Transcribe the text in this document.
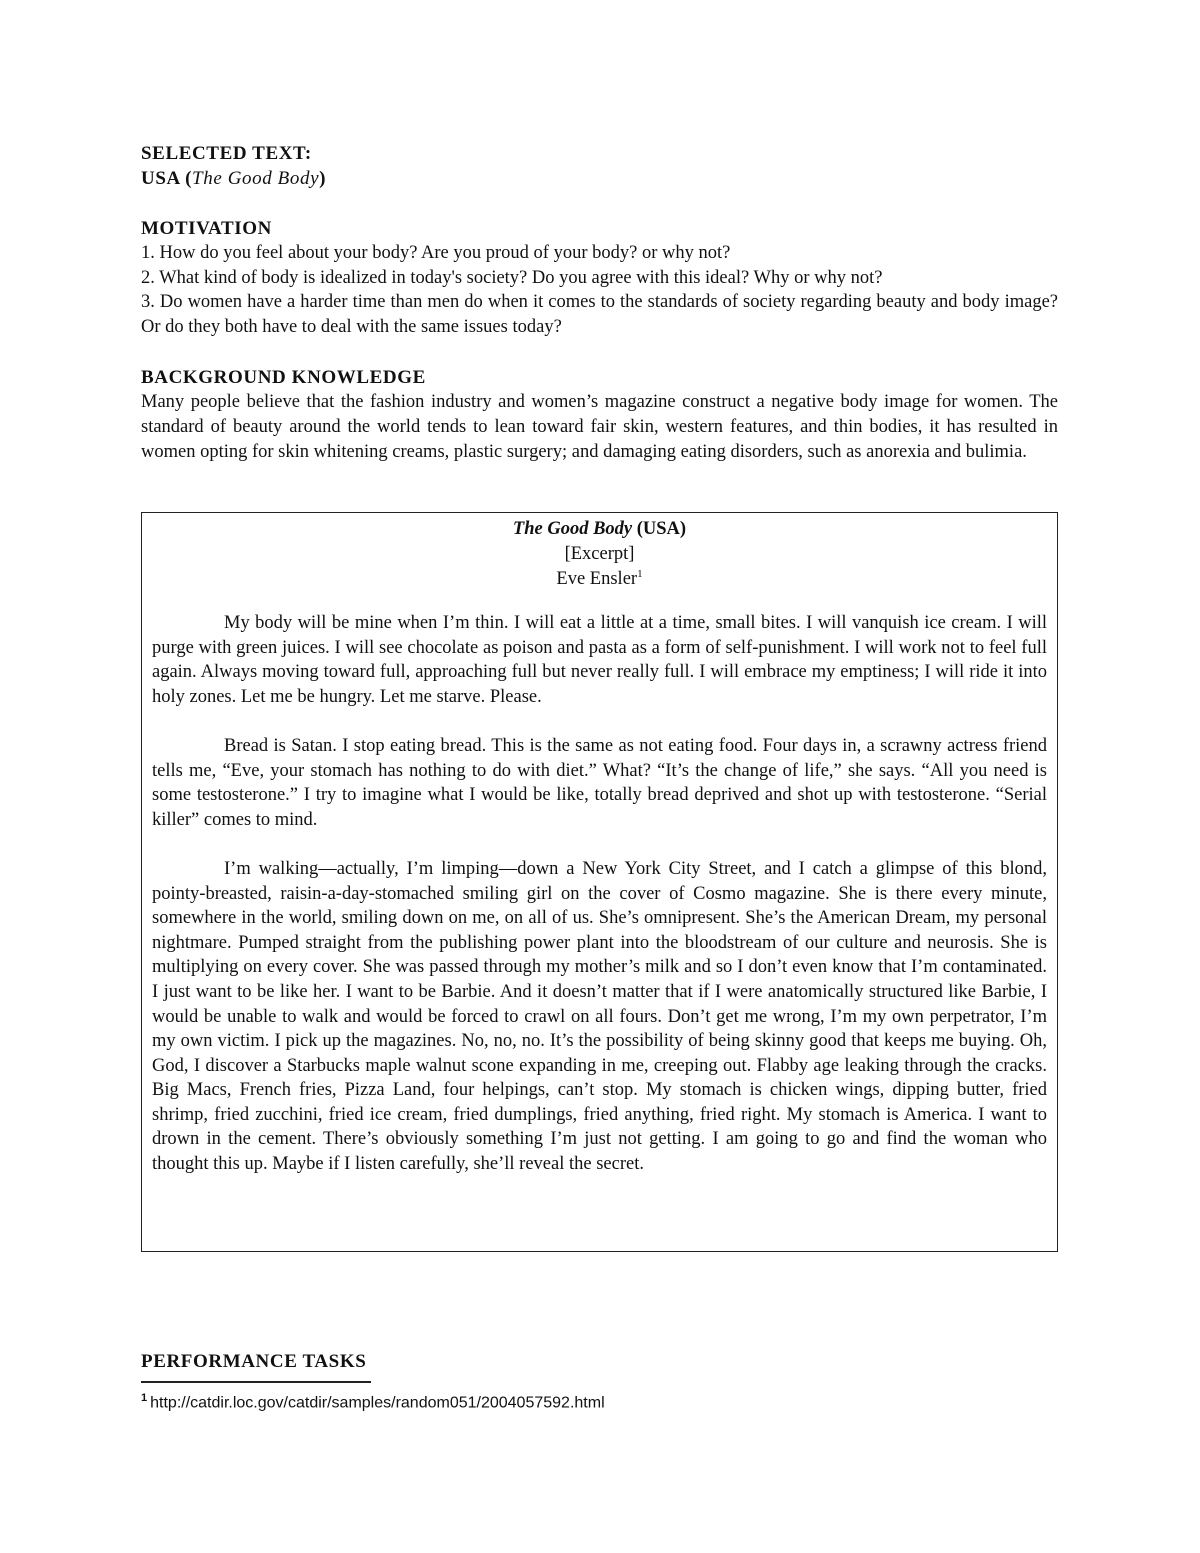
SELECTED TEXT:
USA (The Good Body)
MOTIVATION

1. How do you feel about your body? Are you proud of your body? or why not?

2. What kind of body is idealized in today's society? Do you agree with this ideal? Why or why not?

3. Do women have a harder time than men do when it comes to the standards of society regarding beauty and body image? Or do they both have to deal with the same issues today?

BACKGROUND KNOWLEDGE

Many people believe that the fashion industry and women’s magazine construct a negative body image for women. The standard of beauty around the world tends to lean toward fair skin, western features, and thin bodies, it has resulted in women opting for skin whitening creams, plastic surgery; and damaging eating disorders, such as anorexia and bulimia.

The Good Body (USA)
[Excerpt]
Eve Ensler$^1$

My body will be mine when I’m thin. I will eat a little at a time, small bites. I will vanquish ice cream. I will purge with green juices. I will see chocolate as poison and pasta as a form of self-punishment. I will work not to feel full again. Always moving toward full, approaching full but never really full. I will embrace my emptiness; I will ride it into holy zones. Let me be hungry. Let me starve. Please.

Bread is Satan. I stop eating bread. This is the same as not eating food. Four days in, a scrawny actress friend tells me, “Eve, your stomach has nothing to do with diet.” What? “It’s the change of life,” she says. “All you need is some testosterone.” I try to imagine what I would be like, totally bread deprived and shot up with testosterone. “Serial killer” comes to mind.

I’m walking—actually, I’m limping—down a New York City Street, and I catch a glimpse of this blond, pointy-breasted, raisin-a-day-stomached smiling girl on the cover of Cosmo magazine. She is there every minute, somewhere in the world, smiling down on me, on all of us. She’s omnipresent. She’s the American Dream, my personal nightmare. Pumped straight from the publishing power plant into the bloodstream of our culture and neurosis. She is multiplying on every cover. She was passed through my mother’s milk and so I don’t even know that I’m contaminated. I just want to be like her. I want to be Barbie. And it doesn’t matter that if I were anatomically structured like Barbie, I would be unable to walk and would be forced to crawl on all fours. Don’t get me wrong, I’m my own perpetrator, I’m my own victim. I pick up the magazines. No, no, no. It’s the possibility of being skinny good that keeps me buying. Oh, God, I discover a Starbucks maple walnut scone expanding in me, creeping out. Flabby age leaking through the cracks. Big Macs, French fries, Pizza Land, four helpings, can’t stop. My stomach is chicken wings, dipping butter, fried shrimp, fried zucchini, fried ice cream, fried dumplings, fried anything, fried right. My stomach is America. I want to drown in the cement. There’s obviously something I’m just not getting. I am going to go and find the woman who thought this up. Maybe if I listen carefully, she’ll reveal the secret.

PERFORMANCE TASKS
$^1$ http://catdir.loc.gov/catdir/samples/random051/2004057592.html
